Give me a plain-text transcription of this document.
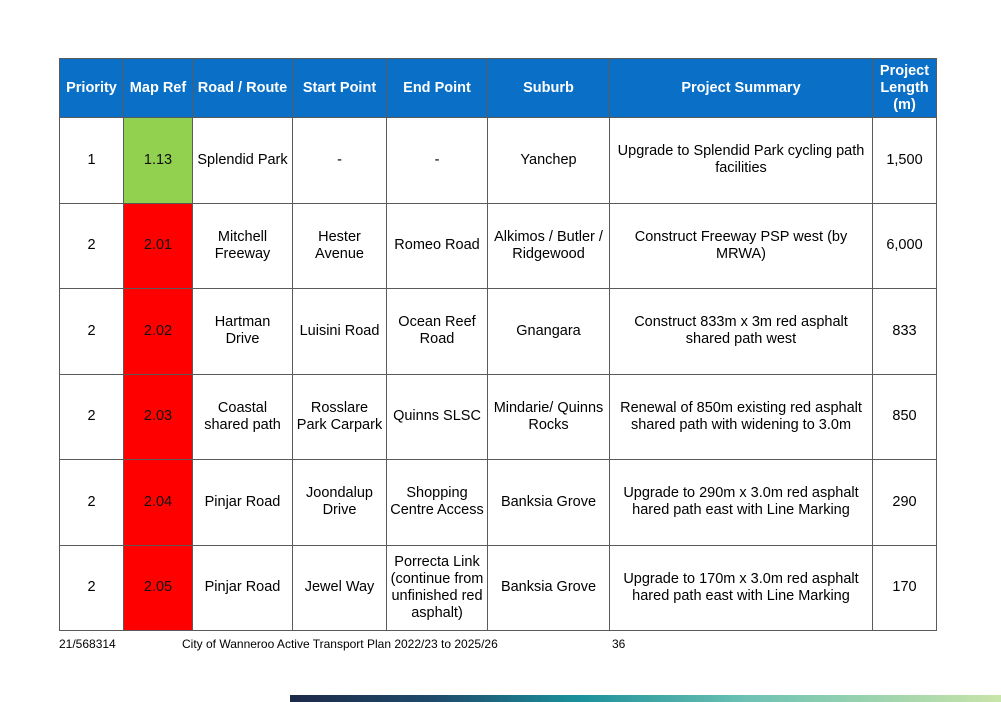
Priority	Map Ref	Road / Route	Start Point	End Point	Suburb	Project Summary	Project Length (m)
1	1.13	Splendid Park	-	-	Yanchep	Upgrade to Splendid Park cycling path facilities	1,500
2	2.01	Mitchell Freeway	Hester Avenue	Romeo Road	Alkimos / Butler / Ridgewood	Construct Freeway PSP west (by MRWA)	6,000
2	2.02	Hartman Drive	Luisini Road	Ocean Reef Road	Gnangara	Construct 833m x 3m red asphalt shared path west	833
2	2.03	Coastal shared path	Rosslare Park Carpark	Quinns SLSC	Mindarie/ Quinns Rocks	Renewal of 850m existing red asphalt shared path with widening to 3.0m	850
2	2.04	Pinjar Road	Joondalup Drive	Shopping Centre Access	Banksia Grove	Upgrade to 290m x 3.0m red asphalt hared path east with Line Marking	290
2	2.05	Pinjar Road	Jewel Way	Porrecta Link (continue from unfinished red asphalt)	Banksia Grove	Upgrade to 170m x 3.0m red asphalt hared path east with Line Marking	170
21/568314	City of Wanneroo Active Transport Plan 2022/23 to 2025/26	36
